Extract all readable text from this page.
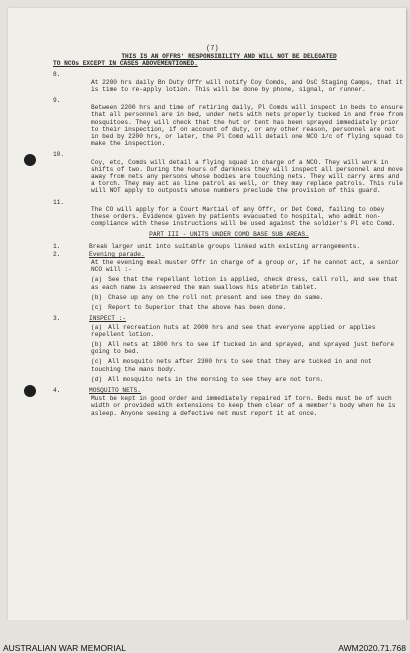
(7)
THIS IS AN OFFRS' RESPONSIBILITY AND WILL NOT BE DELEGATED
TO NCOs EXCEPT IN CASES ABOVEMENTIONED.
8.
At 2200 hrs daily Bn Duty Offr will notify Coy Comds, and OsC Staging Camps, that it is time to re-apply lotion. This will be done by phone, signal, or runner.
9.
Between 2200 hrs and time of retiring daily, Pl Comds will inspect in beds to ensure that all personnel are in bed, under nets with nets properly tucked in and free from mosquitoes. They will check that the hut or tent has been sprayed immediately prior to their inspection, if on account of duty, or any other reason, personnel are not in bed by 2200 hrs, or later, the Pl Comd will detail one NCO 1/c of flying squad to make the inspection.
10.
Coy, etc, Comds will detail a flying squad in charge of a NCO. They will work in shifts of two. During the hours of darkness they will inspect all personnel and move away from nets any persons whose bodies are touching nets. They will carry arms and a torch. They may act as line patrol as well, or they may replace patrols. This rule will NOT apply to outposts whose numbers preclude the provision of this guard.
11.
The CO will apply for a Court Martial of any Offr, or Det Comd, failing to obey these orders. Evidence given by patients evacuated to hospital, who admit non-compliance with these instructions will be used against the soldier's Pl etc Comd.
PART III - UNITS UNDER COMD BASE SUB AREAS.
1.	Break larger unit into suitable groups linked with existing arrangements.
2.	Evening parade.
At the evening meal muster Offr in charge of a group or, if he cannot act, a senior NCO will :-
(a) See that the repellant lotion is applied, check dress, call roll, and see that as each name is answered the man swallows his atebrin tablet.
(b) Chase up any on the roll not present and see they do same.
(c) Report to Superior that the above has been done.
3.	INSPECT :-
(a) All recreation huts at 2000 hrs and see that everyone applied or applies repellent lotion.
(b) All nets at 1800 hrs to see if tucked in and sprayed, and sprayed just before going to bed.
(c) All mosquito nets after 2300 hrs to see that they are tucked in and not touching the mans body.
(d) All mosquito nets in the morning to see they are not torn.
4.	MOSQUITO NETS.
Must be kept in good order and immediately repaired if torn. Beds must be of such width or provided with extensions to keep them clear of a member's body when he is asleep. Anyone seeing a defective net must report it at once.
AUSTRALIAN WAR MEMORIAL	AWM2020.71.768
